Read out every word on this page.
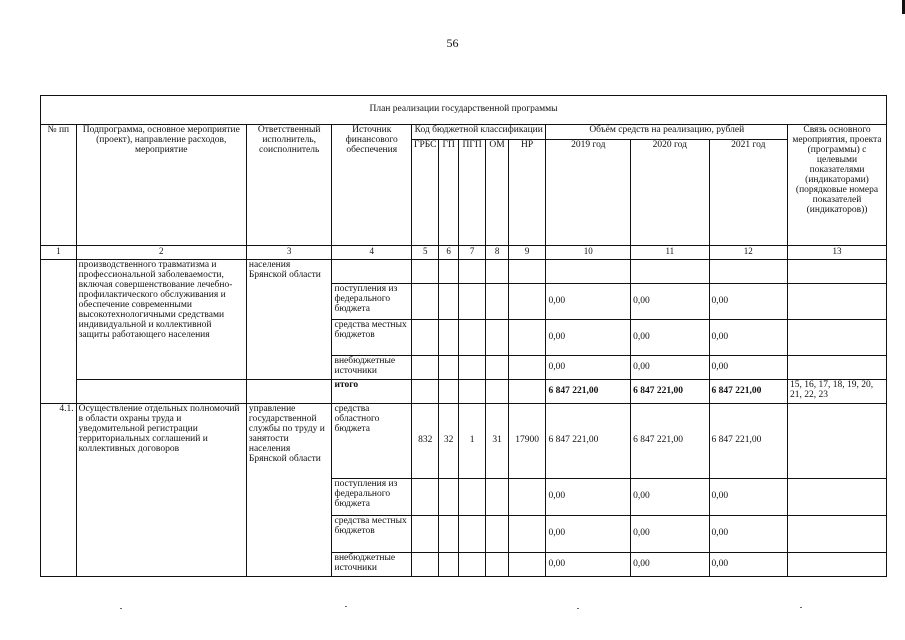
56
План реализации государственной программы												
№ пп	Подпрограмма, основное мероприятие (проект), направление расходов, мероприятие	Ответственный исполнитель, соисполнитель	Источник финансового обеспечения	Код бюджетной классификации					Объём средств на реализацию, рублей			Связь основного мероприятия, проекта (программы) с целевыми показателями (индикаторами) (порядковые номера показателей (индикаторов))
				ГРБС	ГП	ПГП	ОМ	НР	2019 год	2020 год	2021 год	
1	2	3	4	5	6	7	8	9	10	11	12	13
	производственного травматизма и профессиональной заболеваемости, включая совершенствование лечебно-профилактического обслуживания и обеспечение современными высокотехнологичными средствами индивидуальной и коллективной защиты работающего населения	населения Брянской области										
			поступления из федерального бюджета						0,00	0,00	0,00	
			средства местных бюджетов						0,00	0,00	0,00	
			внебюджетные источники						0,00	0,00	0,00	
			итого						6 847 221,00	6 847 221,00	6 847 221,00	15, 16, 17, 18, 19, 20, 21, 22, 23
4.1.	Осуществление отдельных полномочий в области охраны труда и уведомительной регистрации территориальных соглашений и коллективных договоров	управление государственной службы по труду и занятости населения Брянской области	средства областного бюджета	832	32	1	31	17900	6 847 221,00	6 847 221,00	6 847 221,00	
			поступления из федерального бюджета						0,00	0,00	0,00	
			средства местных бюджетов						0,00	0,00	0,00	
			внебюджетные источники						0,00	0,00	0,00	
